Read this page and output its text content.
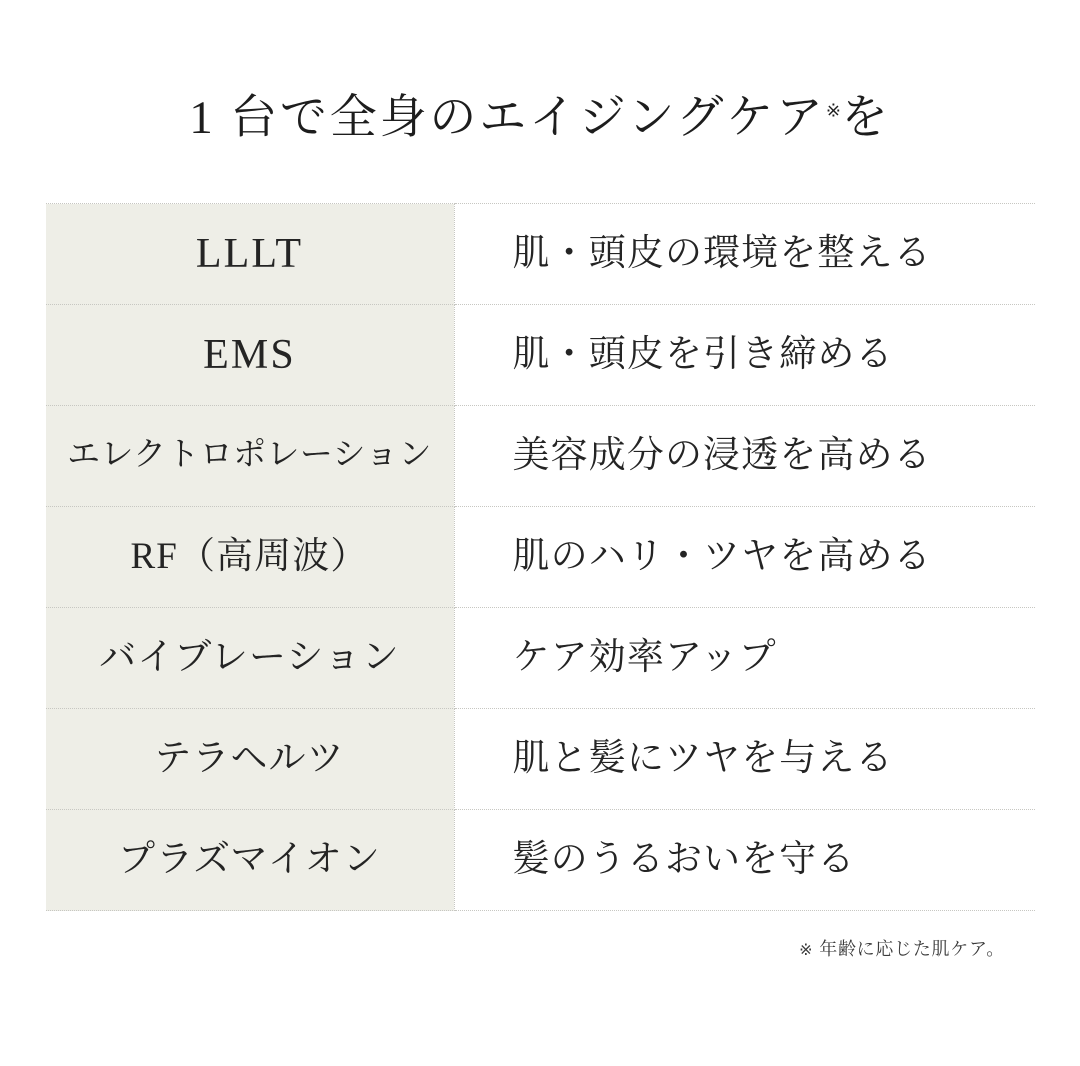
1 台で全身のエイジングケア※を
LLLT	肌・頭皮の環境を整える

EMS	肌・頭皮を引き締める

エレクトロポレーション	美容成分の浸透を高める

RF（高周波）	肌のハリ・ツヤを高める

バイブレーション	ケア効率アップ

テラヘルツ	肌と髪にツヤを与える

プラズマイオン	髪のうるおいを守る
※ 年齢に応じた肌ケア。
